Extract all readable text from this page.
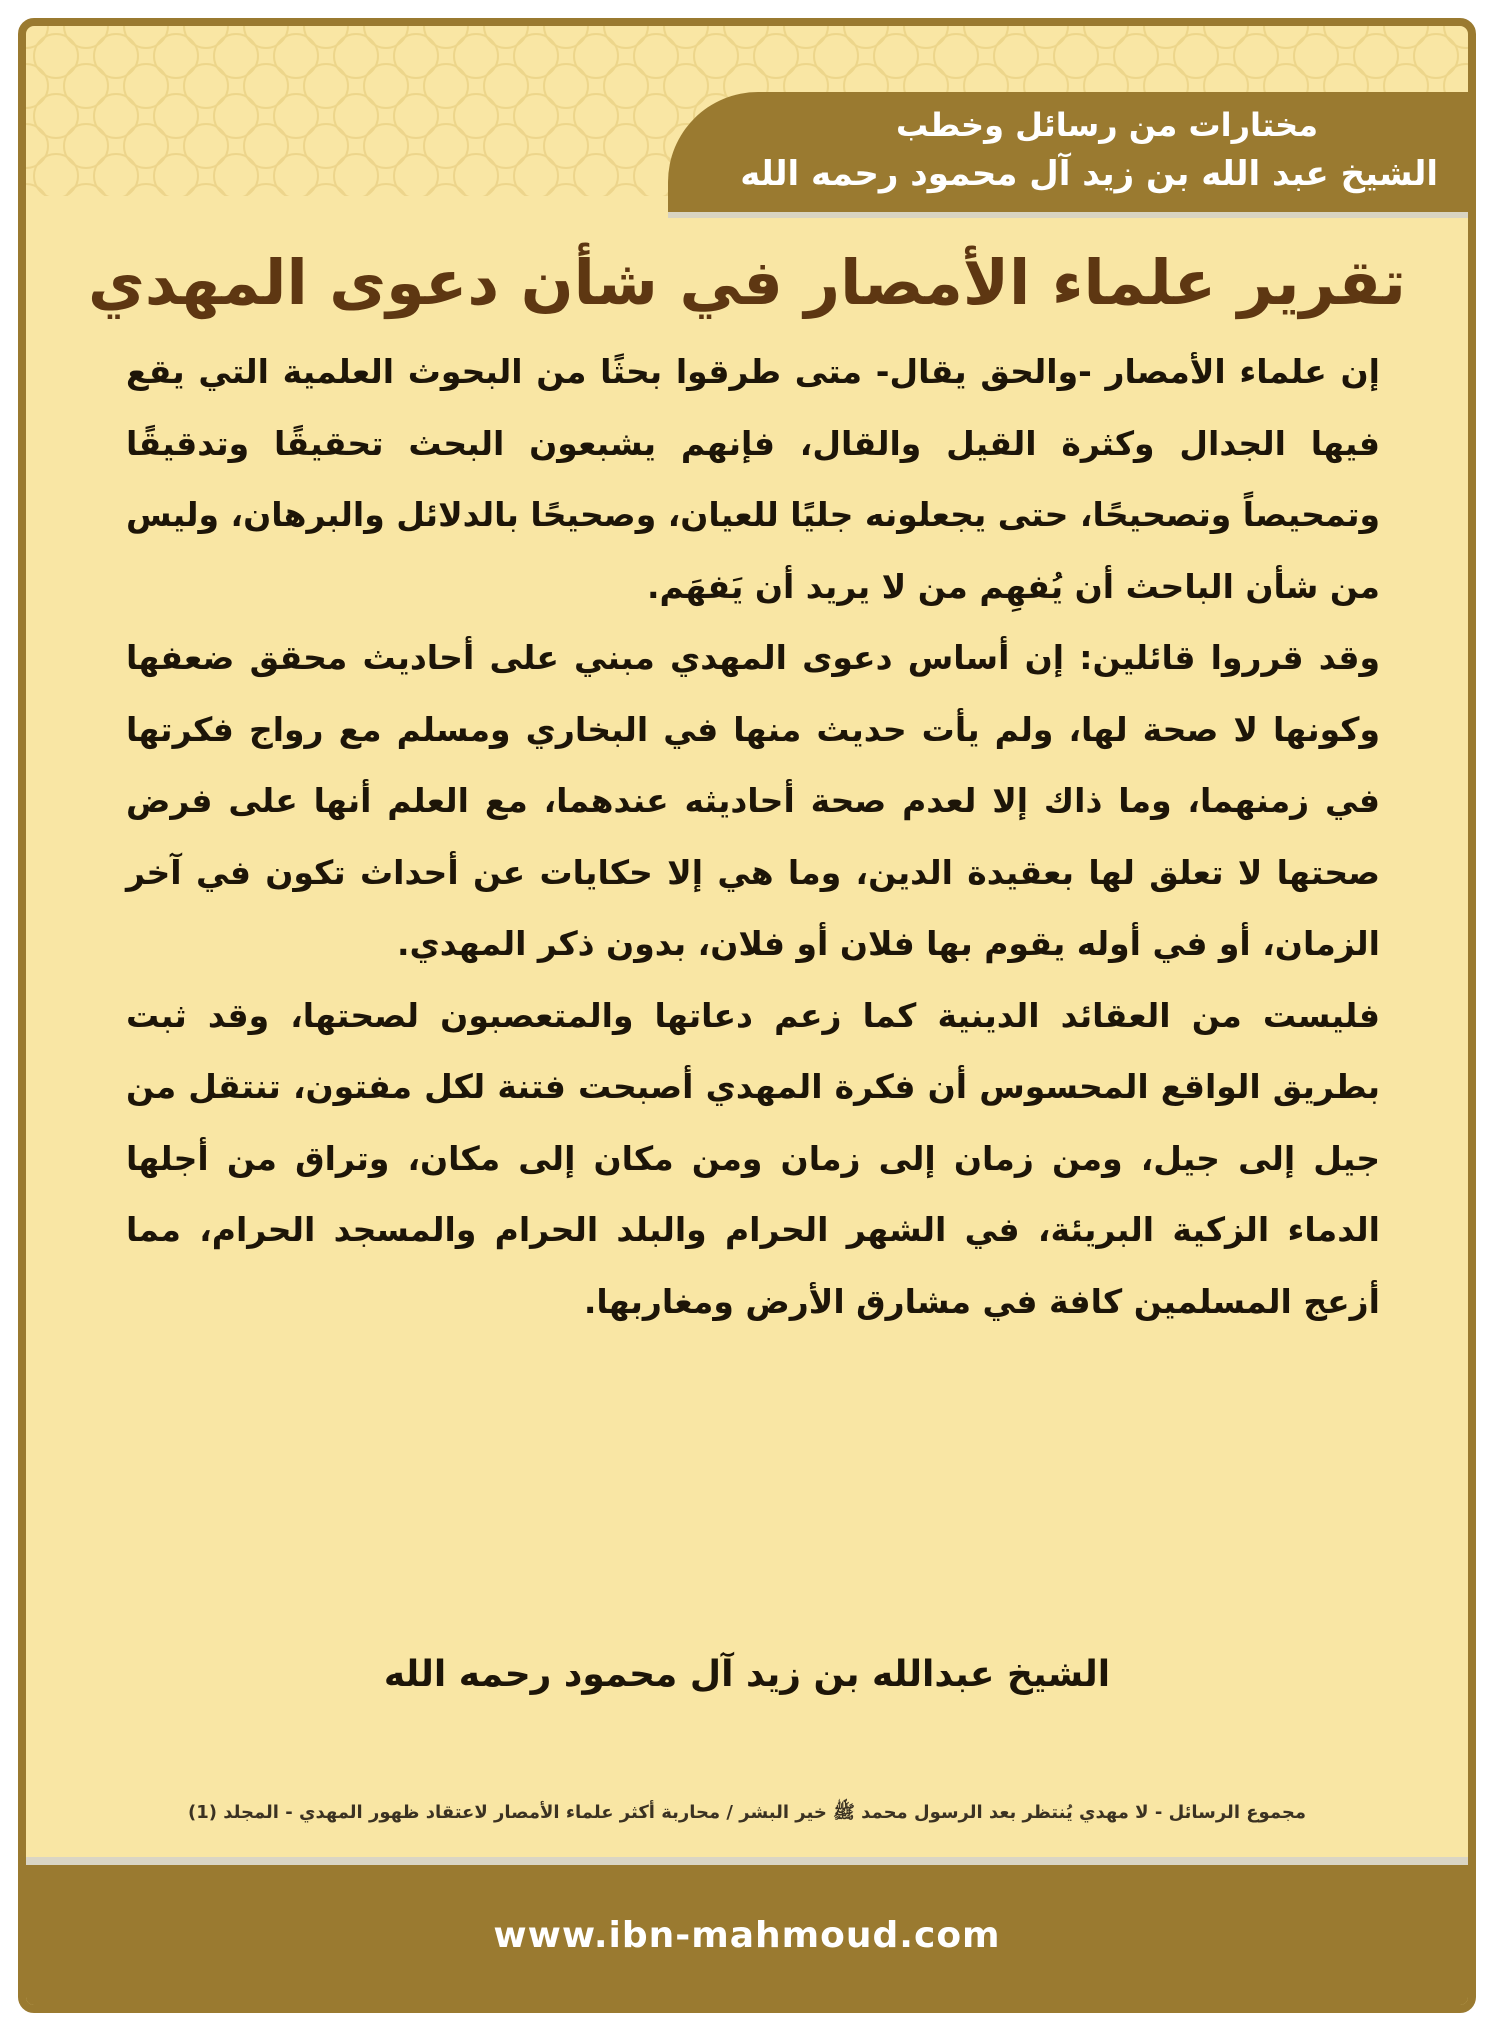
مختارات من رسائل وخطب
الشيخ عبد الله بن زيد آل محمود رحمه الله
تقرير علماء الأمصار في شأن دعوى المهدي

إن علماء الأمصار -والحق يقال- متى طرقوا بحثًا من البحوث العلمية التي يقع فيها الجدال وكثرة القيل والقال، فإنهم يشبعون البحث تحقيقًا وتدقيقًا وتمحيصاً وتصحيحًا، حتى يجعلونه جليًا للعيان، وصحيحًا بالدلائل والبرهان، وليس من شأن الباحث أن يُفهِم من لا يريد أن يَفهَم.

وقد قرروا قائلين: إن أساس دعوى المهدي مبني على أحاديث محقق ضعفها وكونها لا صحة لها، ولم يأت حديث منها في البخاري ومسلم مع رواج فكرتها في زمنهما، وما ذاك إلا لعدم صحة أحاديثه عندهما، مع العلم أنها على فرض صحتها لا تعلق لها بعقيدة الدين، وما هي إلا حكايات عن أحداث تكون في آخر الزمان، أو في أوله يقوم بها فلان أو فلان، بدون ذكر المهدي.

فليست من العقائد الدينية كما زعم دعاتها والمتعصبون لصحتها، وقد ثبت بطريق الواقع المحسوس أن فكرة المهدي أصبحت فتنة لكل مفتون، تنتقل من جيل إلى جيل، ومن زمان إلى زمان ومن مكان إلى مكان، وتراق من أجلها الدماء الزكية البريئة، في الشهر الحرام والبلد الحرام والمسجد الحرام، مما أزعج المسلمين كافة في مشارق الأرض ومغاربها.

الشيخ عبدالله بن زيد آل محمود رحمه الله
مجموع الرسائل - لا مهدي يُنتظر بعد الرسول محمد ﷺ خير البشر / محاربة أكثر علماء الأمصار لاعتقاد ظهور المهدي - المجلد (1)
www.ibn-mahmoud.com
